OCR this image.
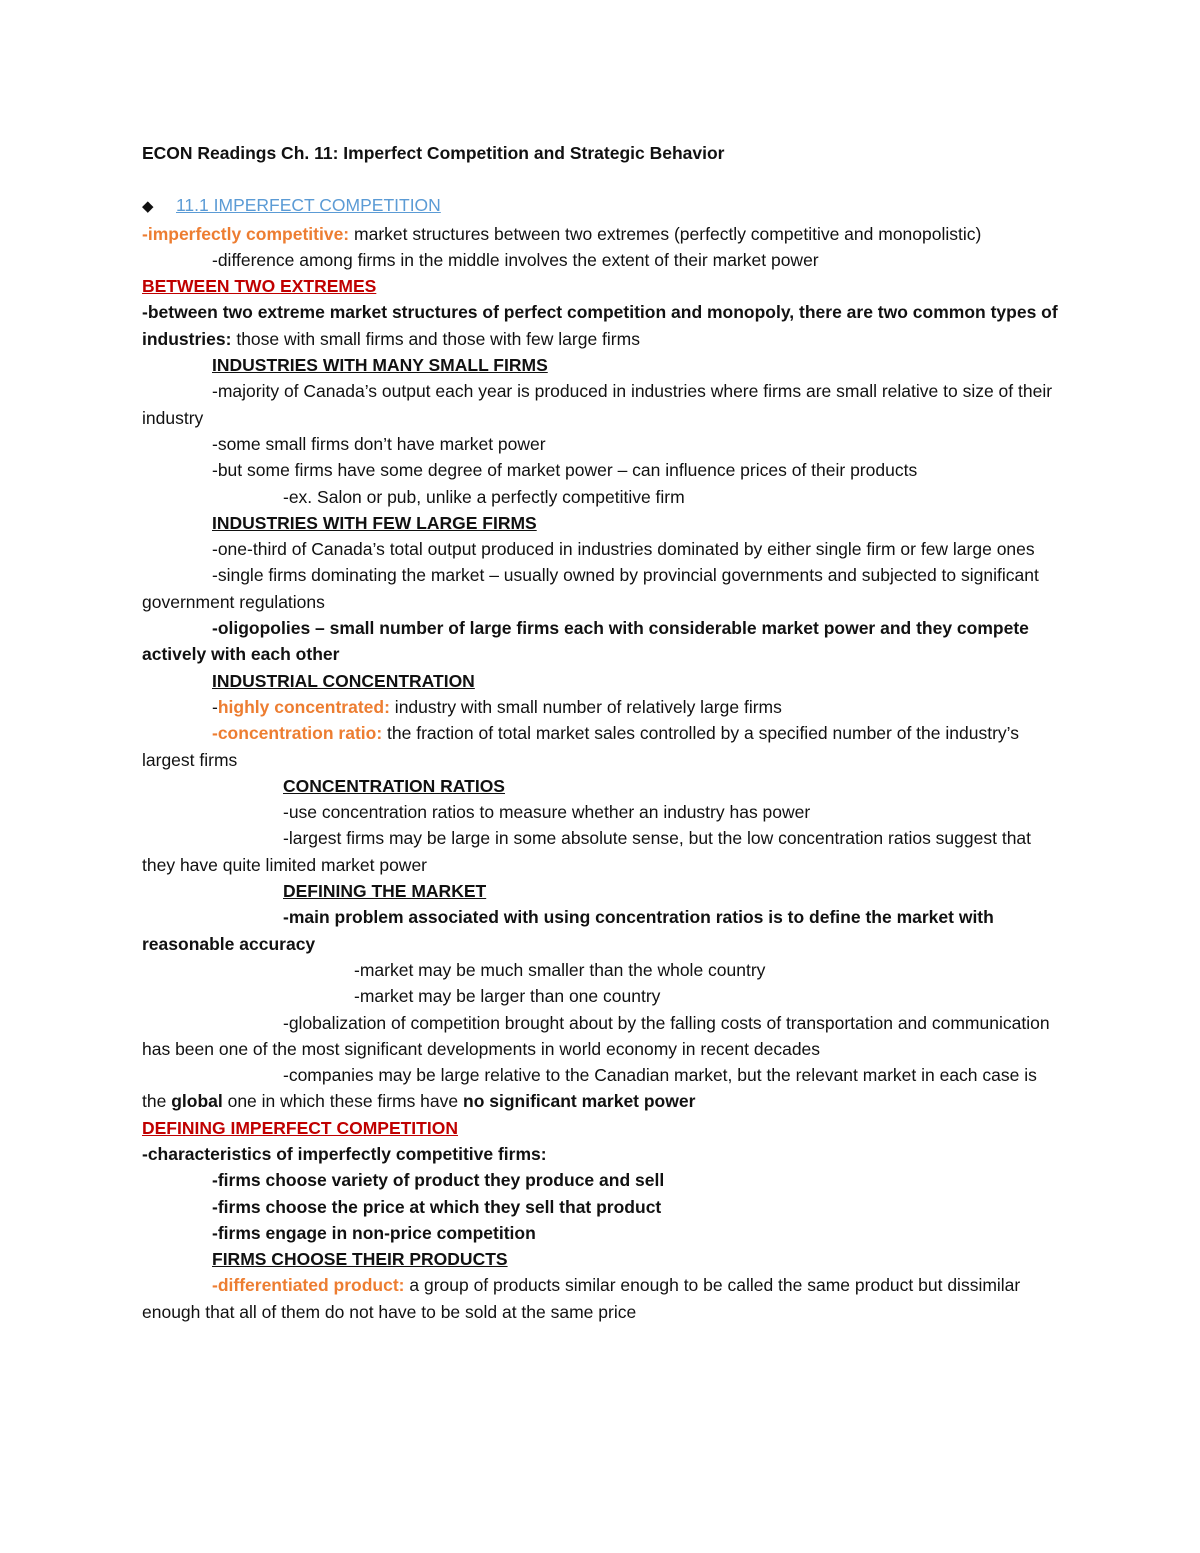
ECON Readings Ch. 11: Imperfect Competition and Strategic Behavior
◆ 11.1 IMPERFECT COMPETITION
-imperfectly competitive: market structures between two extremes (perfectly competitive and monopolistic)
-difference among firms in the middle involves the extent of their market power
BETWEEN TWO EXTREMES
-between two extreme market structures of perfect competition and monopoly, there are two common types of industries: those with small firms and those with few large firms
INDUSTRIES WITH MANY SMALL FIRMS
-majority of Canada’s output each year is produced in industries where firms are small relative to size of their industry
-some small firms don’t have market power
-but some firms have some degree of market power – can influence prices of their products
-ex. Salon or pub, unlike a perfectly competitive firm
INDUSTRIES WITH FEW LARGE FIRMS
-one-third of Canada’s total output produced in industries dominated by either single firm or few large ones
-single firms dominating the market – usually owned by provincial governments and subjected to significant government regulations
-oligopolies – small number of large firms each with considerable market power and they compete actively with each other
INDUSTRIAL CONCENTRATION
-highly concentrated: industry with small number of relatively large firms
-concentration ratio: the fraction of total market sales controlled by a specified number of the industry’s largest firms
CONCENTRATION RATIOS
-use concentration ratios to measure whether an industry has power
-largest firms may be large in some absolute sense, but the low concentration ratios suggest that they have quite limited market power
DEFINING THE MARKET
-main problem associated with using concentration ratios is to define the market with reasonable accuracy
-market may be much smaller than the whole country
-market may be larger than one country
-globalization of competition brought about by the falling costs of transportation and communication has been one of the most significant developments in world economy in recent decades
-companies may be large relative to the Canadian market, but the relevant market in each case is the global one in which these firms have no significant market power
DEFINING IMPERFECT COMPETITION
-characteristics of imperfectly competitive firms:
-firms choose variety of product they produce and sell
-firms choose the price at which they sell that product
-firms engage in non-price competition
FIRMS CHOOSE THEIR PRODUCTS
-differentiated product: a group of products similar enough to be called the same product but dissimilar enough that all of them do not have to be sold at the same price
